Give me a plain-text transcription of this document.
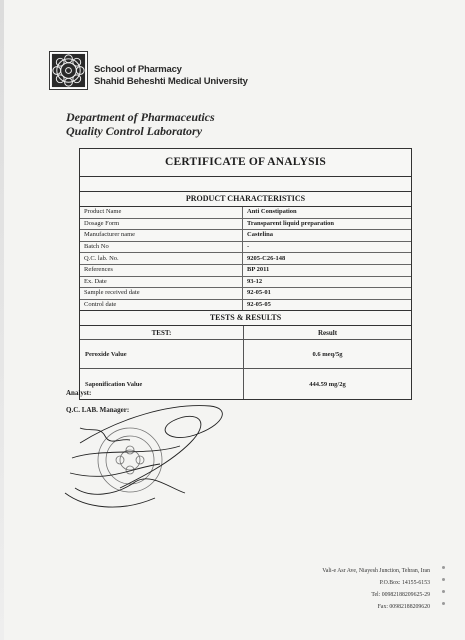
School of Pharmacy
Shahid Beheshti Medical University
Department of Pharmaceutics
Quality Control Laboratory
CERTIFICATE OF ANALYSIS
PRODUCT CHARACTERISTICS
Product Name	Anti Constipation
Dosage Form	Transparent liquid preparation
Manufacturer name	Castelina
Batch No	-
Q.C. lab. No.	9205-C26-148
References	BP 2011
Ex. Date	93-12
Sample received date	92-05-01
Control date	92-05-05
TESTS & RESULTS
TEST:	Result
Peroxide Value	0.6 meq/5g
Saponification Value	444.59 mg/2g
Analyst:
Q.C. LAB. Manager:
Vali-e Asr Ave, Niayesh Junction, Tehran, Iran
P.O.Box: 14155-6153
Tel: 00982188209625-29
Fax: 00982188209620
